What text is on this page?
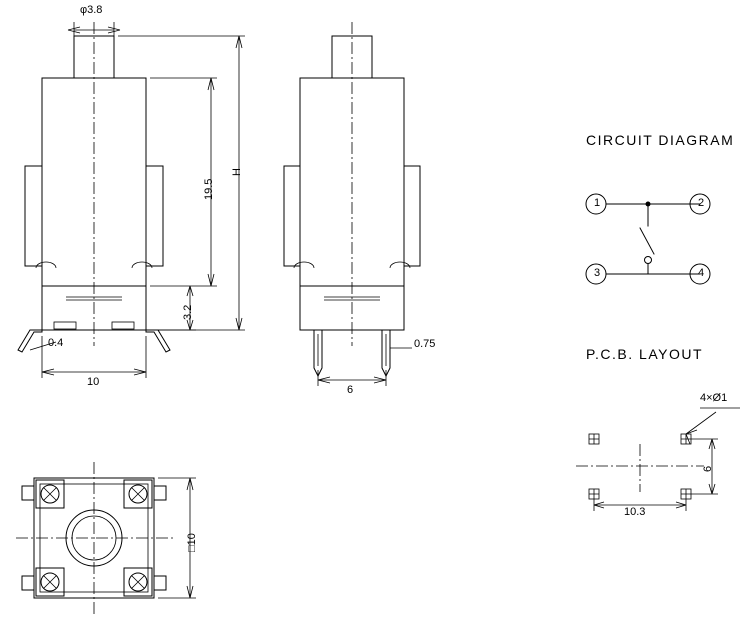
φ3.8
H
19.5
3.2
10
0.4
6
0.75
□10
CIRCUIT DIAGRAM
P.C.B. LAYOUT
1	2
3	4
4×Ø1
10.3
6
